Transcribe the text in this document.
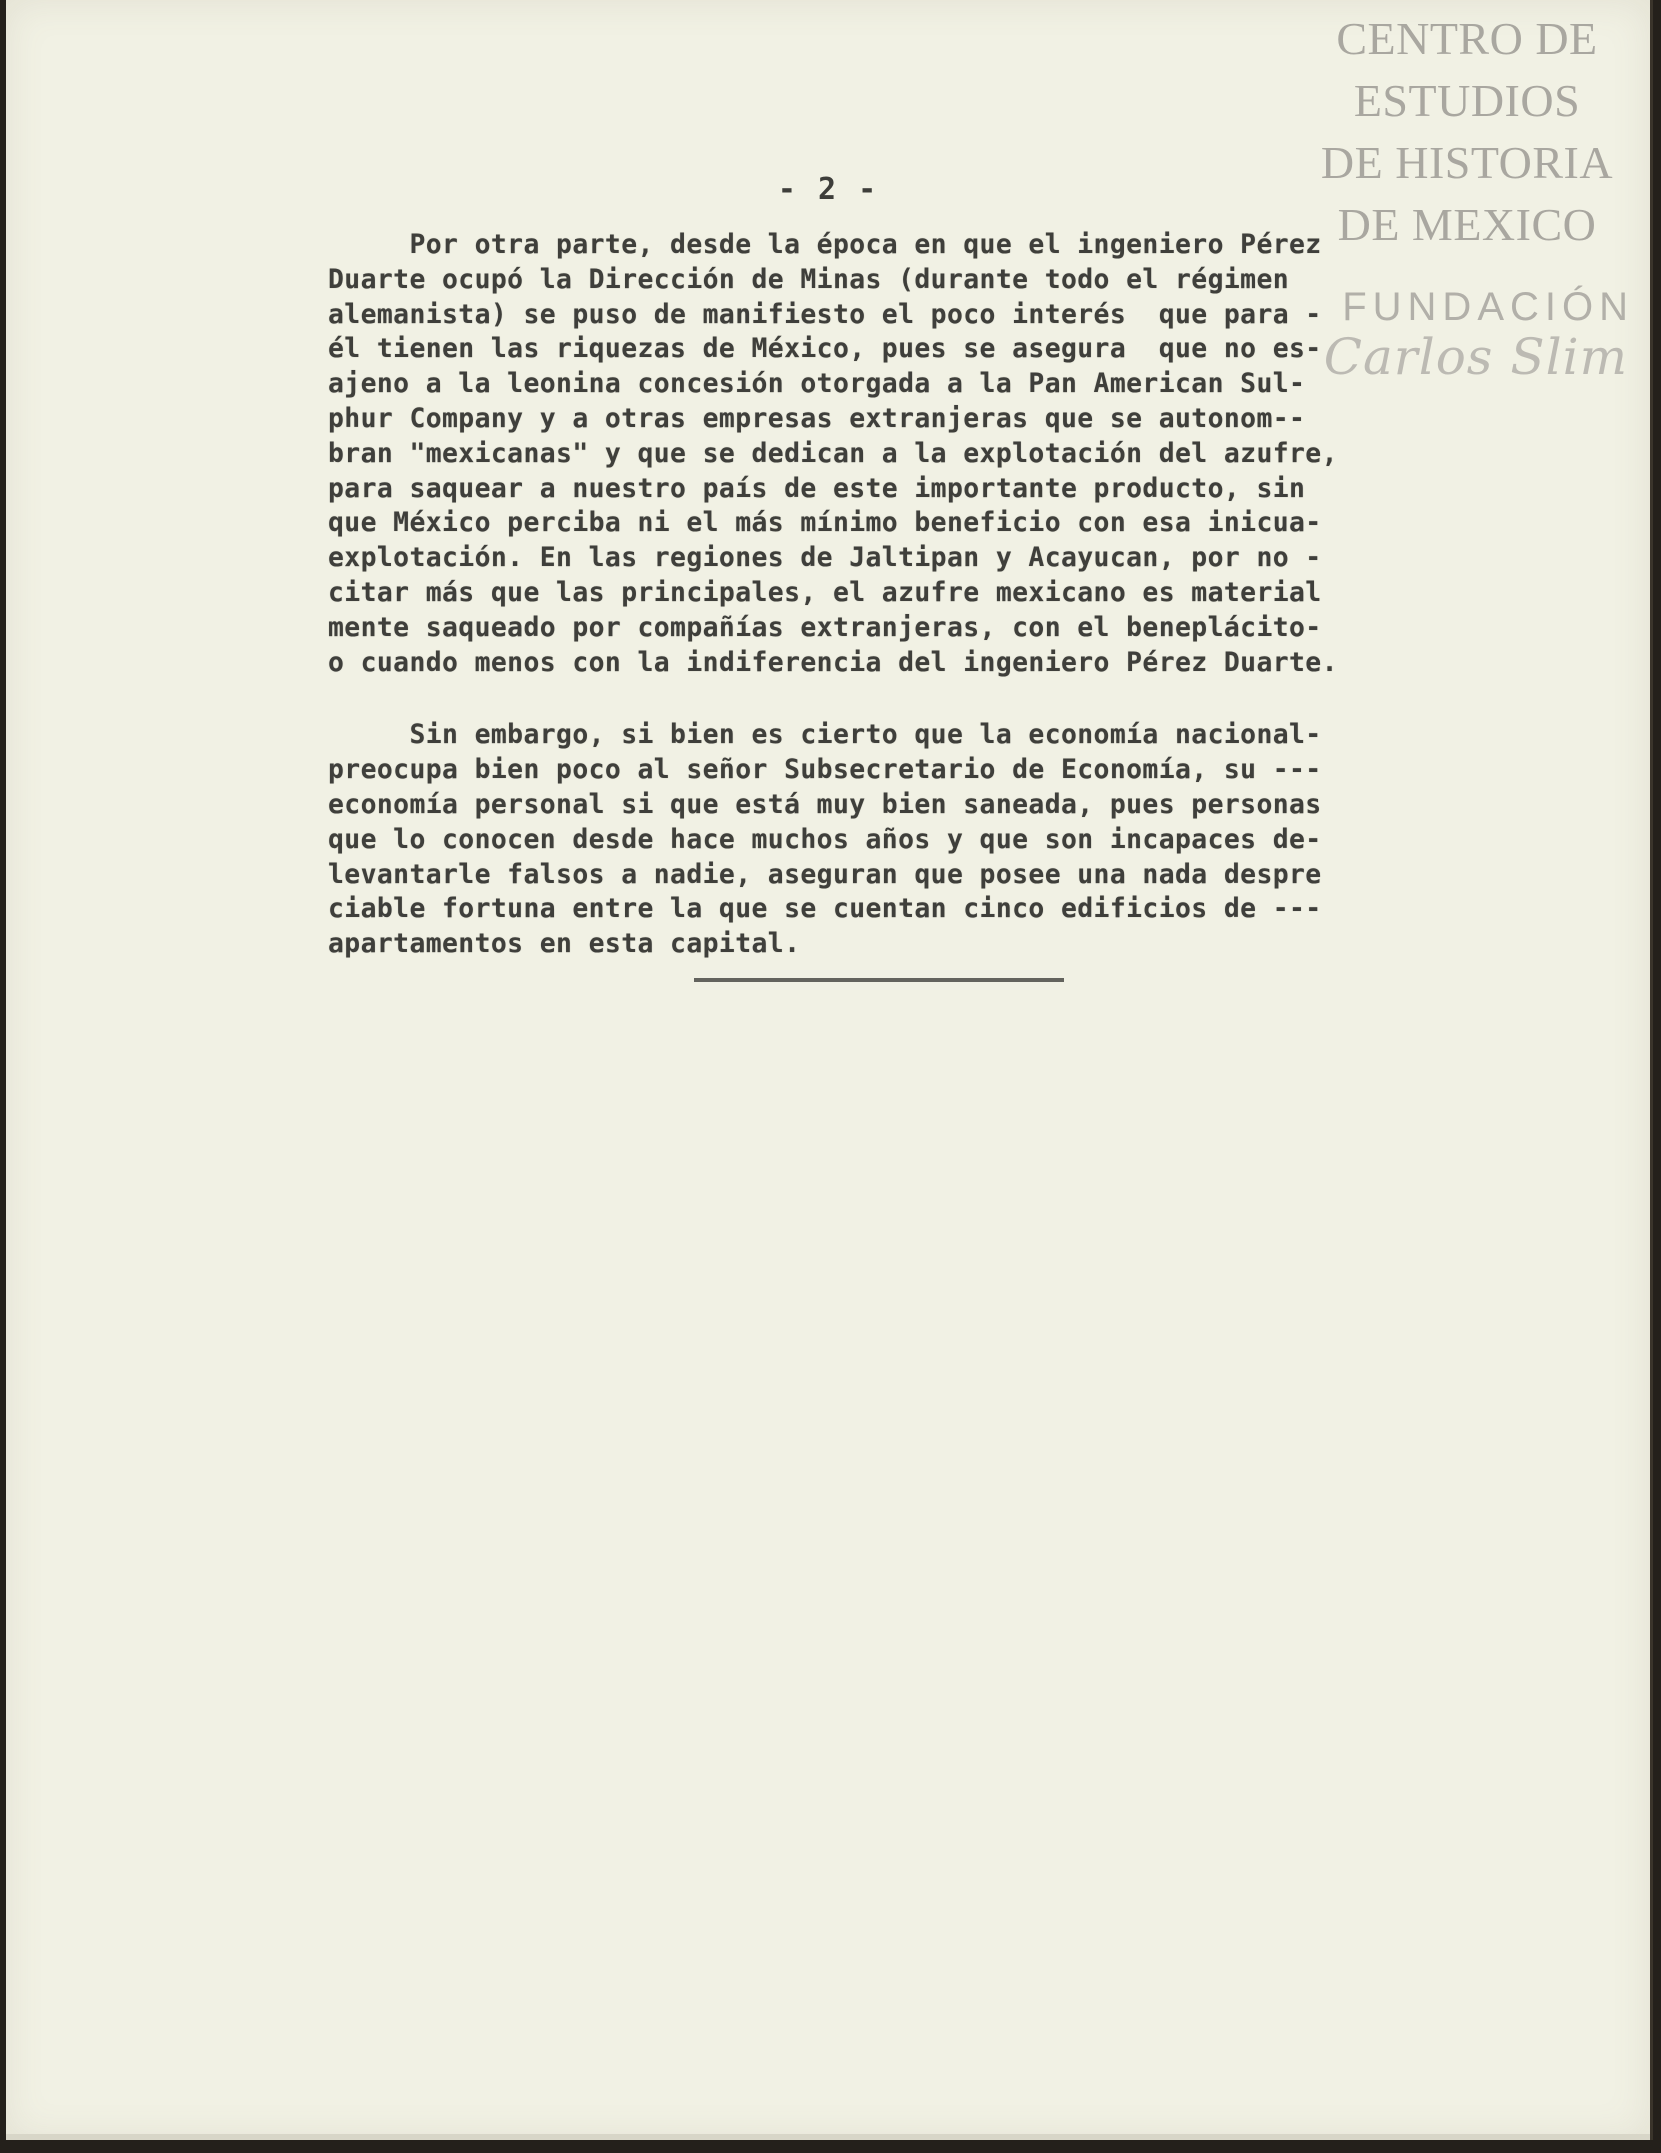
CENTRO DE
ESTUDIOS
DE HISTORIA
DE MEXICO
FUNDACIÓN
Carlos Slim
- 2 -
Por otra parte, desde la época en que el ingeniero Pérez
Duarte ocupó la Dirección de Minas (durante todo el régimen
alemanista) se puso de manifiesto el poco interés  que para -
él tienen las riquezas de México, pues se asegura  que no es-
ajeno a la leonina concesión otorgada a la Pan American Sul-
phur Company y a otras empresas extranjeras que se autonom--
bran "mexicanas" y que se dedican a la explotación del azufre,
para saquear a nuestro país de este importante producto, sin
que México perciba ni el más mínimo beneficio con esa inicua-
explotación. En las regiones de Jaltipan y Acayucan, por no -
citar más que las principales, el azufre mexicano es material
mente saqueado por compañías extranjeras, con el beneplácito-
o cuando menos con la indiferencia del ingeniero Pérez Duarte.
Sin embargo, si bien es cierto que la economía nacional-
preocupa bien poco al señor Subsecretario de Economía, su ---
economía personal si que está muy bien saneada, pues personas
que lo conocen desde hace muchos años y que son incapaces de-
levantarle falsos a nadie, aseguran que posee una nada despre
ciable fortuna entre la que se cuentan cinco edificios de ---
apartamentos en esta capital.
